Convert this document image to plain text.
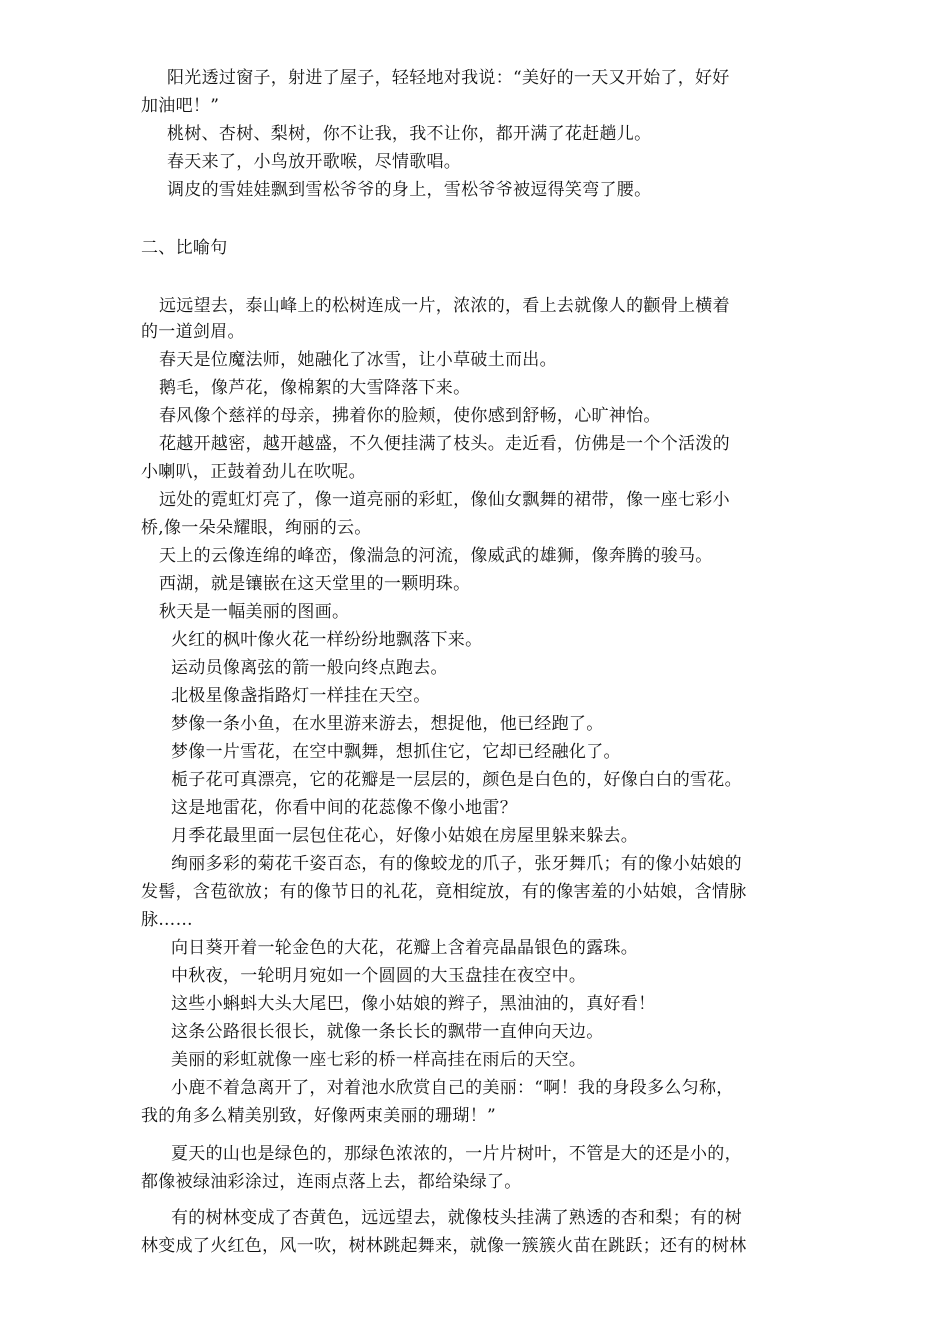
阳光透过窗子，射进了屋子，轻轻地对我说：“美好的一天又开始了，好好
加油吧！”
桃树、杏树、梨树，你不让我，我不让你，都开满了花赶趟儿。
春天来了，小鸟放开歌喉，尽情歌唱。
调皮的雪娃娃飘到雪松爷爷的身上，雪松爷爷被逗得笑弯了腰。
二、比喻句
远远望去，泰山峰上的松树连成一片，浓浓的，看上去就像人的颧骨上横着
的一道剑眉。
春天是位魔法师，她融化了冰雪，让小草破土而出。
鹅毛，像芦花，像棉絮的大雪降落下来。
春风像个慈祥的母亲，拂着你的脸颊，使你感到舒畅，心旷神怡。
花越开越密，越开越盛，不久便挂满了枝头。走近看，仿佛是一个个活泼的
小喇叭，正鼓着劲儿在吹呢。
远处的霓虹灯亮了，像一道亮丽的彩虹，像仙女飘舞的裙带，像一座七彩小
桥,像一朵朵耀眼，绚丽的云。
天上的云像连绵的峰峦，像湍急的河流，像威武的雄狮，像奔腾的骏马。
西湖，就是镶嵌在这天堂里的一颗明珠。
秋天是一幅美丽的图画。
火红的枫叶像火花一样纷纷地飘落下来。
运动员像离弦的箭一般向终点跑去。
北极星像盏指路灯一样挂在天空。
梦像一条小鱼，在水里游来游去，想捉他，他已经跑了。
梦像一片雪花，在空中飘舞，想抓住它，它却已经融化了。
栀子花可真漂亮，它的花瓣是一层层的，颜色是白色的，好像白白的雪花。
这是地雷花，你看中间的花蕊像不像小地雷？
月季花最里面一层包住花心，好像小姑娘在房屋里躲来躲去。
绚丽多彩的菊花千姿百态，有的像蛟龙的爪子，张牙舞爪；有的像小姑娘的
发髻，含苞欲放；有的像节日的礼花，竟相绽放，有的像害羞的小姑娘，含情脉
脉……
向日葵开着一轮金色的大花，花瓣上含着亮晶晶银色的露珠。
中秋夜，一轮明月宛如一个圆圆的大玉盘挂在夜空中。
这些小蝌蚪大头大尾巴，像小姑娘的辫子，黑油油的，真好看！
这条公路很长很长，就像一条长长的飘带一直伸向天边。
美丽的彩虹就像一座七彩的桥一样高挂在雨后的天空。
小鹿不着急离开了，对着池水欣赏自己的美丽：“啊！我的身段多么匀称，
我的角多么精美别致，好像两束美丽的珊瑚！”
夏天的山也是绿色的，那绿色浓浓的，一片片树叶，不管是大的还是小的，
都像被绿油彩涂过，连雨点落上去，都给染绿了。
有的树林变成了杏黄色，远远望去，就像枝头挂满了熟透的杏和梨；有的树
林变成了火红色，风一吹，树林跳起舞来，就像一簇簇火苗在跳跃；还有的树林
